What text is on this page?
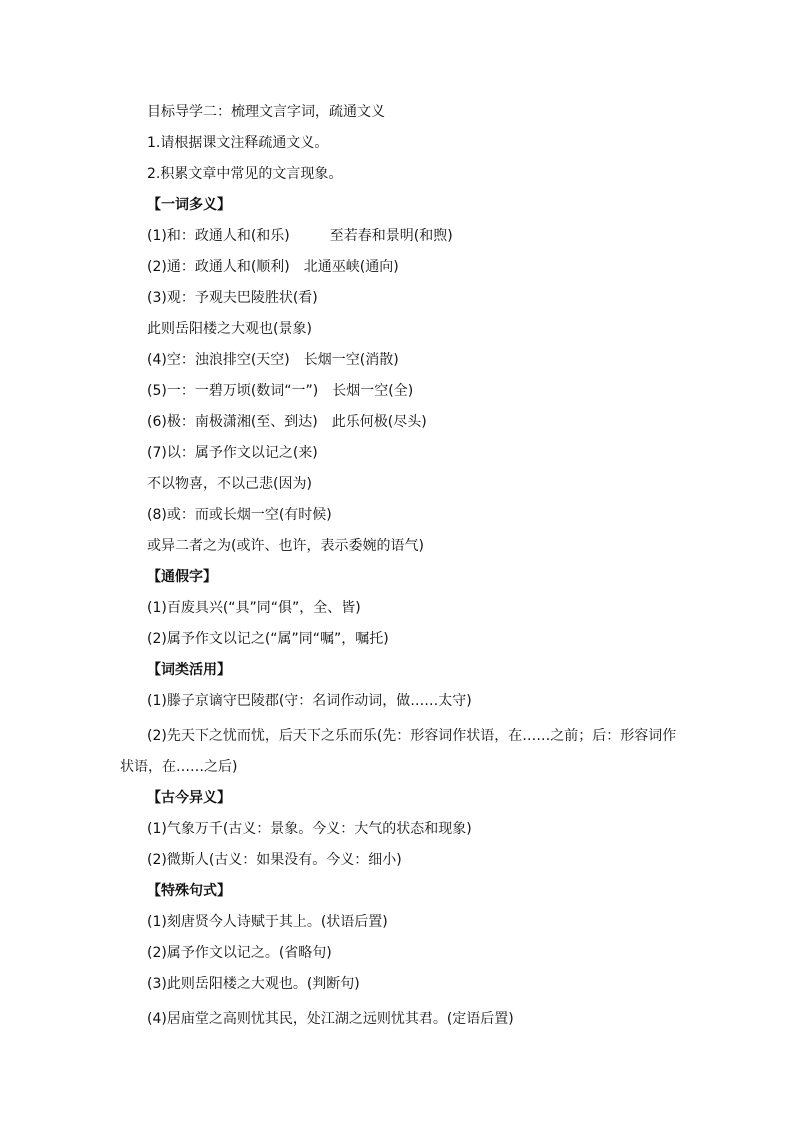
目标导学二：梳理文言字词，疏通文义
1.请根据课文注释疏通文义。
2.积累文章中常见的文言现象。
【一词多义】
(1)和：政通人和(和乐)	至若春和景明(和煦)
(2)通：政通人和(顺利)　北通巫峡(通向)
(3)观：予观夫巴陵胜状(看)
此则岳阳楼之大观也(景象)
(4)空：浊浪排空(天空)　长烟一空(消散)
(5)一：一碧万顷(数词“一”)　长烟一空(全)
(6)极：南极潇湘(至、到达)　此乐何极(尽头)
(7)以：属予作文以记之(来)
不以物喜，不以己悲(因为)
(8)或：而或长烟一空(有时候)
或异二者之为(或许、也许，表示委婉的语气)
【通假字】
(1)百废具兴(“具”同“俱”，全、皆)
(2)属予作文以记之(“属”同“嘱”，嘱托)
【词类活用】
(1)滕子京谪守巴陵郡(守：名词作动词，做……太守)
(2)先天下之忧而忧，后天下之乐而乐(先：形容词作状语，在……之前；后：形容词作
状语，在……之后)
【古今异义】
(1)气象万千(古义：景象。今义：大气的状态和现象)
(2)微斯人(古义：如果没有。今义：细小)
【特殊句式】
(1)刻唐贤今人诗赋于其上。(状语后置)
(2)属予作文以记之。(省略句)
(3)此则岳阳楼之大观也。(判断句)
(4)居庙堂之高则忧其民，处江湖之远则忧其君。(定语后置)
